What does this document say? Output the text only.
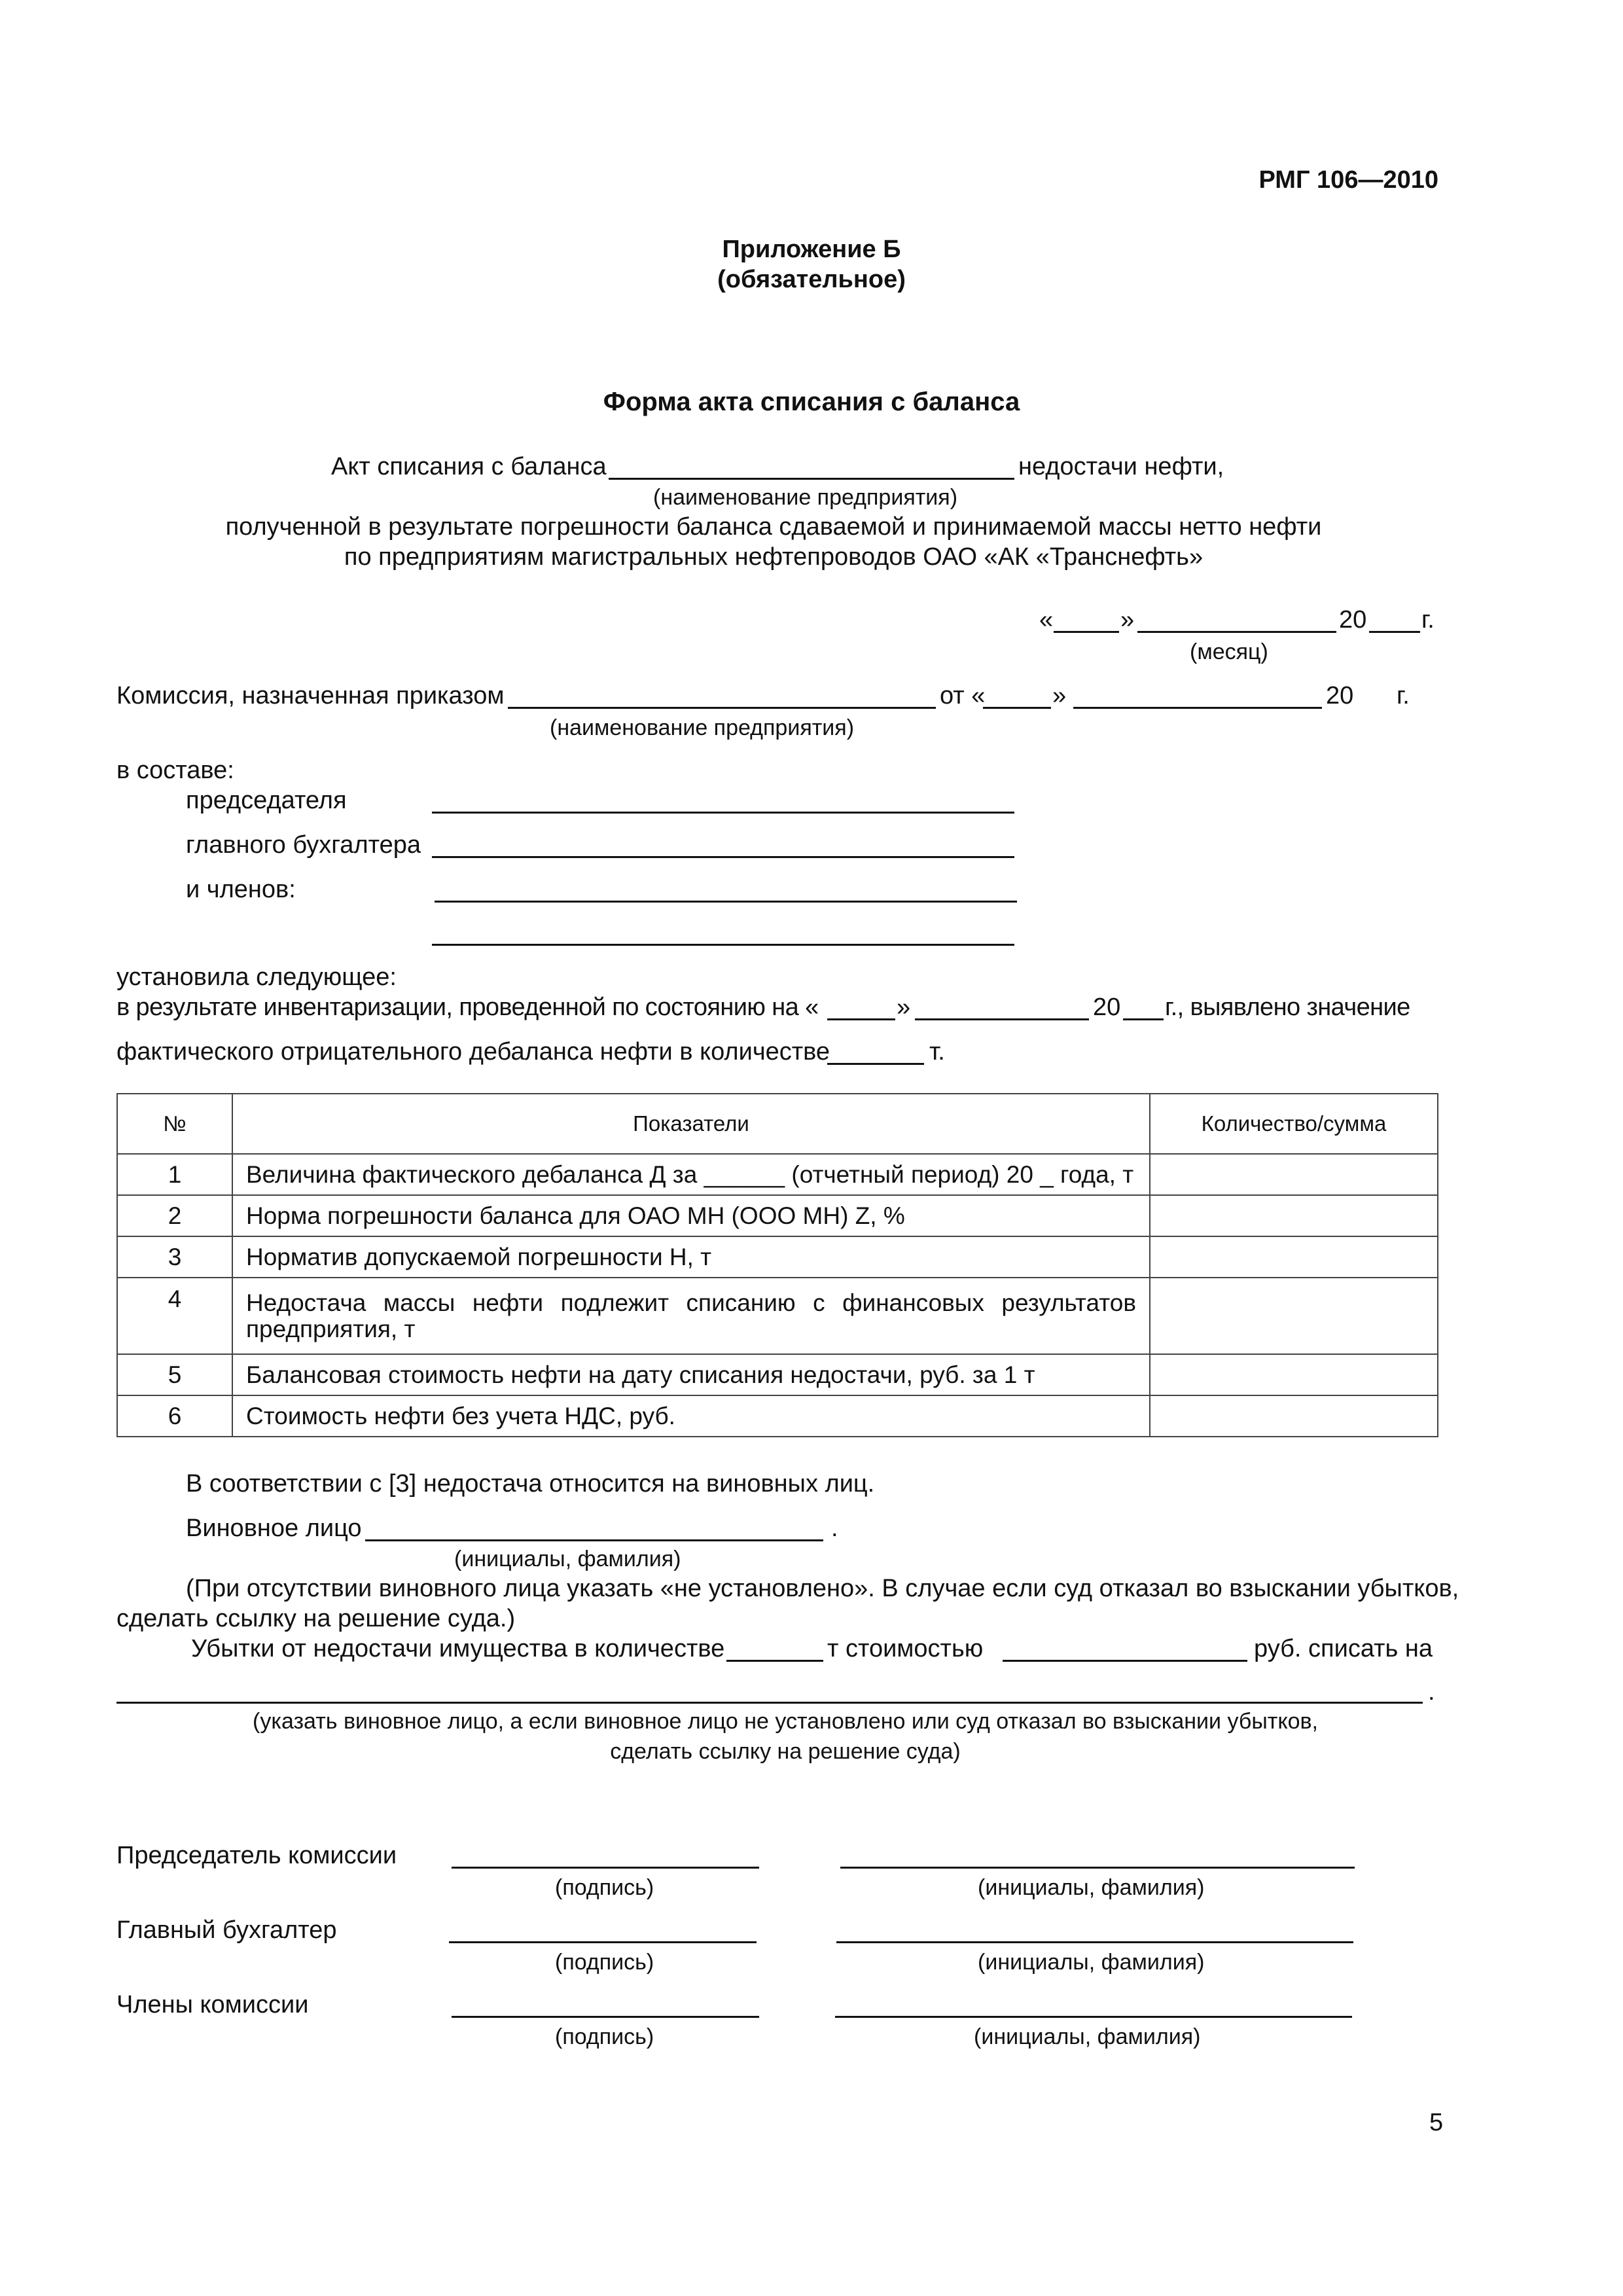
РМГ 106—2010
Приложение Б
(обязательное)
Форма акта списания с баланса
Акт списания с баланса	недостачи нефти,
(наименование предприятия)
полученной в результате погрешности баланса сдаваемой и принимаемой массы нетто нефти
по предприятиям магистральных нефтепроводов ОАО «АК «Транснефть»
«	»	20 г.
(месяц)
Комиссия, назначенная приказом	от «	»	20 г.
(наименование предприятия)
в составе:
председателя
главного бухгалтера
и членов:
установила следующее:
в результате инвентаризации, проведенной по состоянию на «	»	20 г., выявлено значение
фактического отрицательного дебаланса нефти в количестве	т.
№	Показатели	Количество/сумма
1	Величина фактического дебаланса Д за ______ (отчетный период) 20 _ года, т	
2	Норма погрешности баланса для ОАО МН (ООО МН) Z, %	
3	Норматив допускаемой погрешности Н, т	
4	Недостача массы нефти подлежит списанию с финансовых результатов предприятия, т	
5	Балансовая стоимость нефти на дату списания недостачи, руб. за 1 т	
6	Стоимость нефти без учета НДС, руб.	
В соответствии с [3] недостача относится на виновных лиц.
Виновное лицо	.
(инициалы, фамилия)
(При отсутствии виновного лица указать «не установлено». В случае если суд отказал во взыскании убытков,
сделать ссылку на решение суда.)
Убытки от недостачи имущества в количестве	т стоимостью	руб. списать на
.
(указать виновное лицо, а если виновное лицо не установлено или суд отказал во взыскании убытков,
сделать ссылку на решение суда)
Председатель комиссии
(подпись)	(инициалы, фамилия)
Главный бухгалтер
(подпись)	(инициалы, фамилия)
Члены комиссии
(подпись)	(инициалы, фамилия)
5
